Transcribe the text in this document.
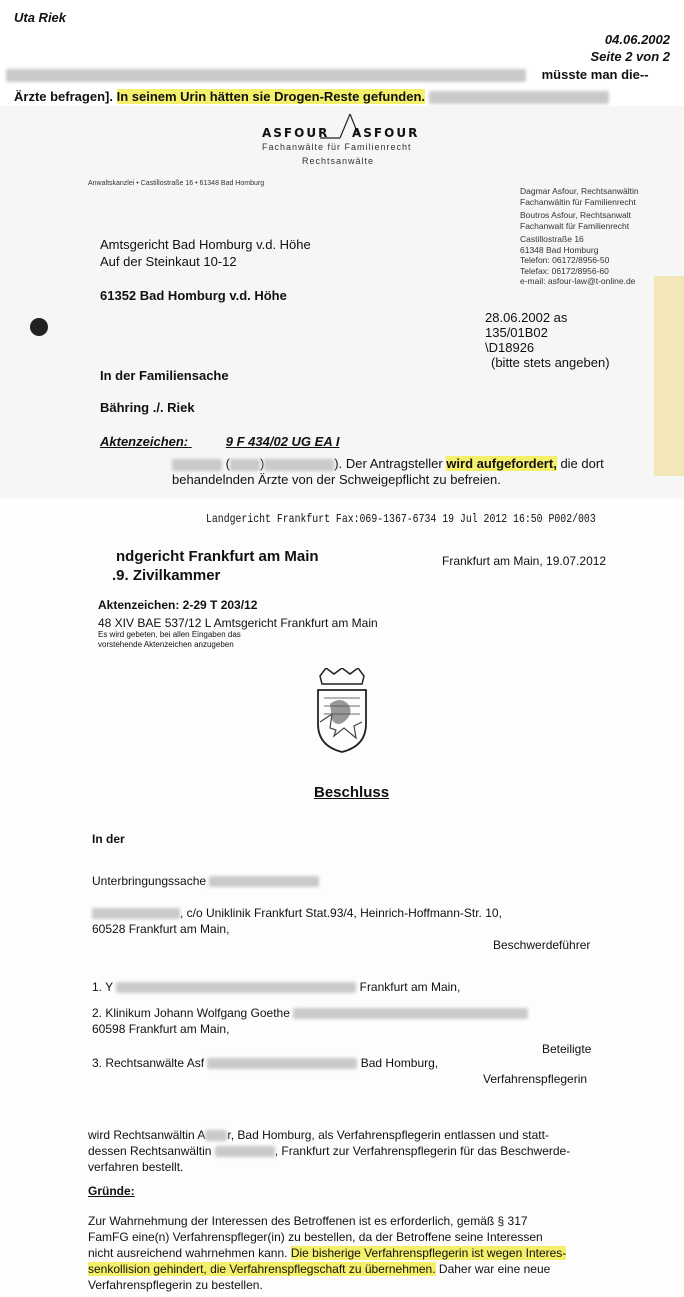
Uta Riek
04.06.2002
Seite 2 von 2
müsste man die--
Ärzte befragen]. In seinem Urin hätten sie Drogen-Reste gefunden.
ASFOUR ASFOUR
Fachanwälte für Familienrecht
Rechtsanwälte
Anwaltskanzlei • Castillostraße 16 • 61348 Bad Homburg
Amtsgericht Bad Homburg v.d. Höhe
Auf der Steinkaut 10-12
61352 Bad Homburg v.d. Höhe
Dagmar Asfour, Rechtsanwältin
Fachanwältin für Familienrecht
Boutros Asfour, Rechtsanwalt
Fachanwalt für Familienrecht
Castillostraße 16
61348 Bad Homburg
Telefon: 06172/8956-50
Telefax: 06172/8956-60
e-mail: asfour-law@t-online.de
28.06.2002 as
135/01B02
\D18926
(bitte stets angeben)
In der Familiensache
Bähring ./. Riek
Aktenzeichen:	9 F 434/02 UG EA I
( )	). Der Antragsteller wird aufgefordert, die dort
behandelnden Ärzte von der Schweigepflicht zu befreien.
Landgericht Frankfurt Fax:069-1367-6734 19 Jul 2012 16:50 P002/003
ndgericht Frankfurt am Main
.9. Zivilkammer
Frankfurt am Main, 19.07.2012
Aktenzeichen: 2-29 T 203/12
48 XIV BAE 537/12 L Amtsgericht Frankfurt am Main
Es wird gebeten, bei allen Eingaben das
vorstehende Aktenzeichen anzugeben
Beschluss
In der
Unterbringungssache
, c/o Uniklinik Frankfurt Stat.93/4, Heinrich-Hoffmann-Str. 10,
60528 Frankfurt am Main,
Beschwerdeführer
1. Y	Frankfurt am Main,
2. Klinikum Johann Wolfgang Goethe
60598 Frankfurt am Main,
Beteiligte
3. Rechtsanwälte Asf	Bad Homburg,
Verfahrenspflegerin
wird Rechtsanwältin A r, Bad Homburg, als Verfahrenspflegerin entlassen und statt-
dessen Rechtsanwältin	, Frankfurt zur Verfahrenspflegerin für das Beschwerde-
verfahren bestellt.
Gründe:
Zur Wahrnehmung der Interessen des Betroffenen ist es erforderlich, gemäß § 317
FamFG eine(n) Verfahrenspfleger(in) zu bestellen, da der Betroffene seine Interessen
nicht ausreichend wahrnehmen kann. Die bisherige Verfahrenspflegerin ist wegen Interes-
senkollision gehindert, die Verfahrenspflegschaft zu übernehmen. Daher war eine neue
Verfahrenspflegerin zu bestellen.
